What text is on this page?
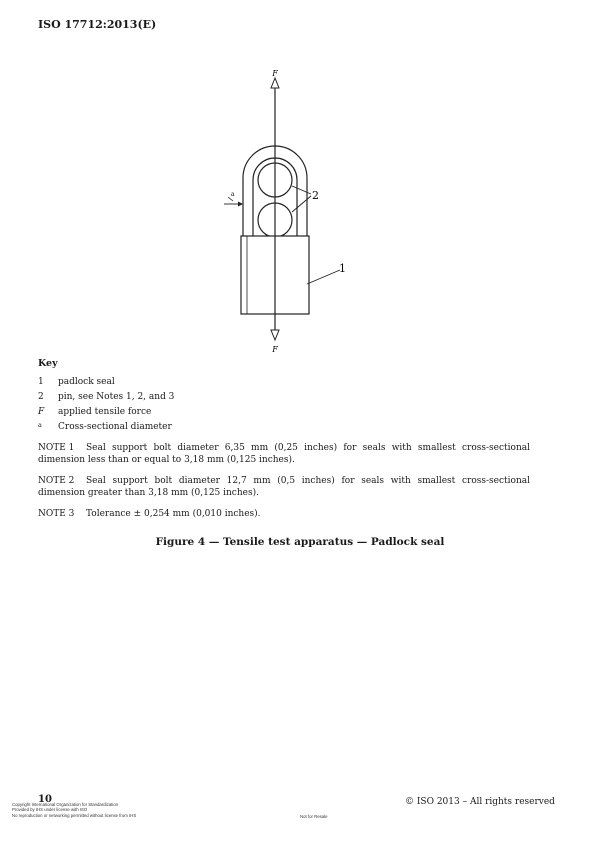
ISO 17712:2013(E)
F
F
2
1
a
Key
1	padlock seal
2	pin, see Notes 1, 2, and 3
F	applied tensile force
a	Cross-sectional diameter

NOTE 1 Seal support bolt diameter 6,35 mm (0,25 inches) for seals with smallest cross-sectional dimension less than or equal to 3,18 mm (0,125 inches).

NOTE 2 Seal support bolt diameter 12,7 mm (0,5 inches) for seals with smallest cross-sectional dimension greater than 3,18 mm (0,125 inches).

NOTE 3 Tolerance ± 0,254 mm (0,010 inches).

Figure 4 — Tensile test apparatus — Padlock seal
10	© ISO 2013 – All rights reserved
Copyright International Organization for Standardization
Provided by IHS under license with ISO
No reproduction or networking permitted without license from IHS	Not for Resale
